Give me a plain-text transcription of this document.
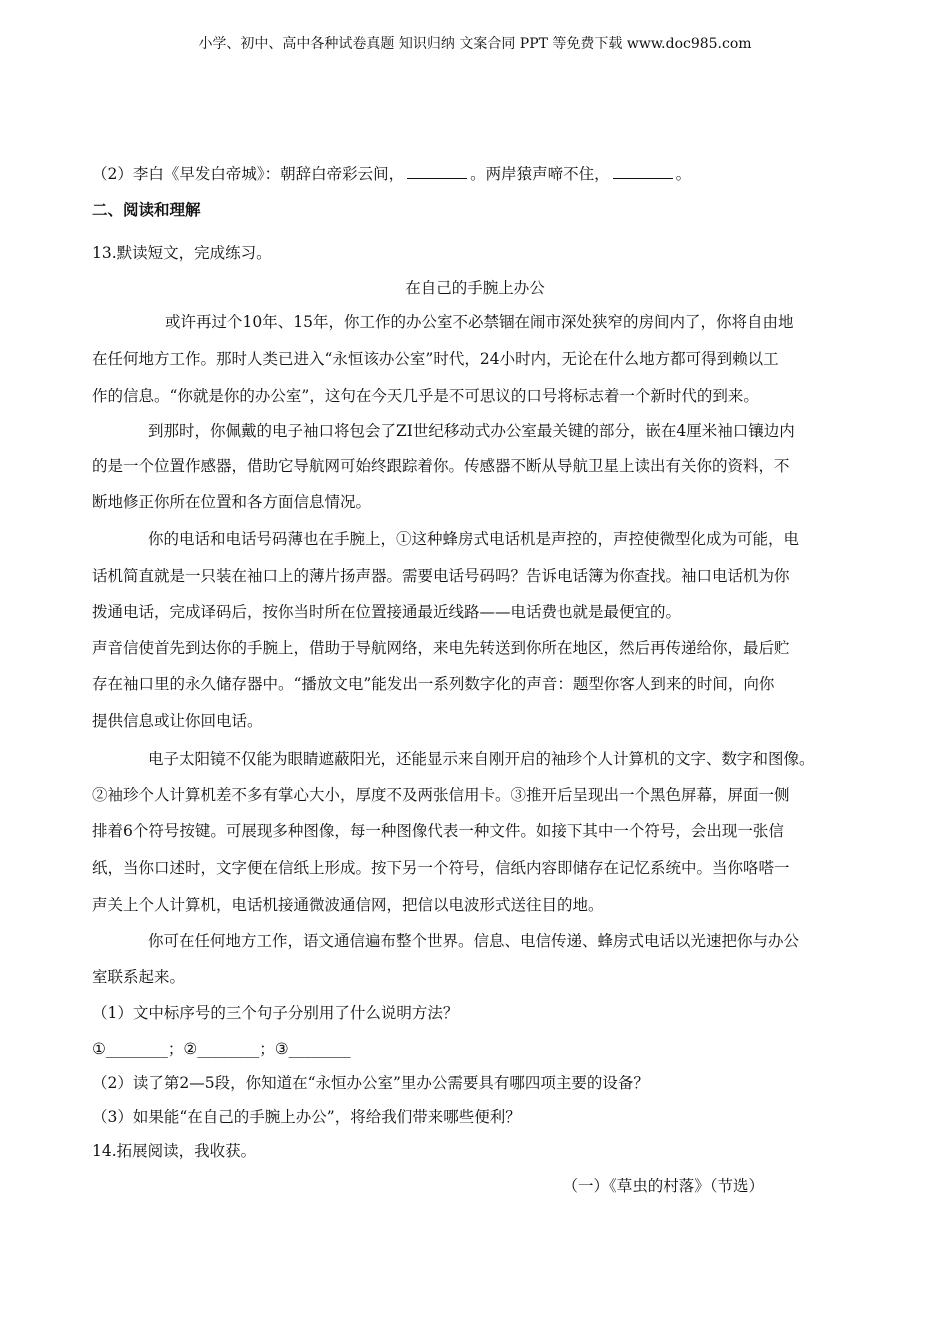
小学、初中、高中各种试卷真题 知识归纳 文案合同 PPT 等免费下载 www.doc985.com
（2）李白《早发白帝城》：朝辞白帝彩云间，	。两岸猿声啼不住，	。
二、阅读和理解
13.默读短文，完成练习。
在自己的手腕上办公
或许再过个10年、15年，你工作的办公室不必禁锢在闹市深处狭窄的房间内了，你将自由地
在任何地方工作。那时人类已进入“永恒该办公室”时代，24小时内，无论在什么地方都可得到赖以工
作的信息。“你就是你的办公室”，这句在今天几乎是不可思议的口号将标志着一个新时代的到来。
到那时，你佩戴的电子袖口将包会了ZI世纪移动式办公室最关键的部分，嵌在4厘米袖口镶边内
的是一个位置作感器，借助它导航网可始终跟踪着你。传感器不断从导航卫星上读出有关你的资料，不
断地修正你所在位置和各方面信息情况。
你的电话和电话号码薄也在手腕上，①这种蜂房式电话机是声控的，声控使微型化成为可能，电
话机简直就是一只装在袖口上的薄片扬声器。需要电话号码吗？告诉电话簿为你查找。袖口电话机为你
拨通电话，完成译码后，按你当时所在位置接通最近线路——电话费也就是最便宜的。
声音信使首先到达你的手腕上，借助于导航网络，来电先转送到你所在地区，然后再传递给你，最后贮
存在袖口里的永久储存器中。“播放文电”能发出一系列数字化的声音：题型你客人到来的时间，向你
提供信息或让你回电话。
电子太阳镜不仅能为眼睛遮蔽阳光，还能显示来自刚开启的袖珍个人计算机的文字、数字和图像。
②袖珍个人计算机差不多有掌心大小，厚度不及两张信用卡。③推开后呈现出一个黑色屏幕，屏面一侧
排着6个符号按键。可展现多种图像，每一种图像代表一种文件。如接下其中一个符号，会出现一张信
纸，当你口述时，文字便在信纸上形成。按下另一个符号，信纸内容即储存在记忆系统中。当你咯嗒一
声关上个人计算机，电话机接通微波通信网，把信以电波形式送往目的地。
你可在任何地方工作，语文通信遍布整个世界。信息、电信传递、蜂房式电话以光速把你与办公
室联系起来。
（1）文中标序号的三个句子分别用了什么说明方法？
①________；②________；③________
（2）读了第2—5段，你知道在“永恒办公室”里办公需要具有哪四项主要的设备？
（3）如果能“在自己的手腕上办公”，将给我们带来哪些便利？
14.拓展阅读，我收获。
（一）《草虫的村落》（节选）
